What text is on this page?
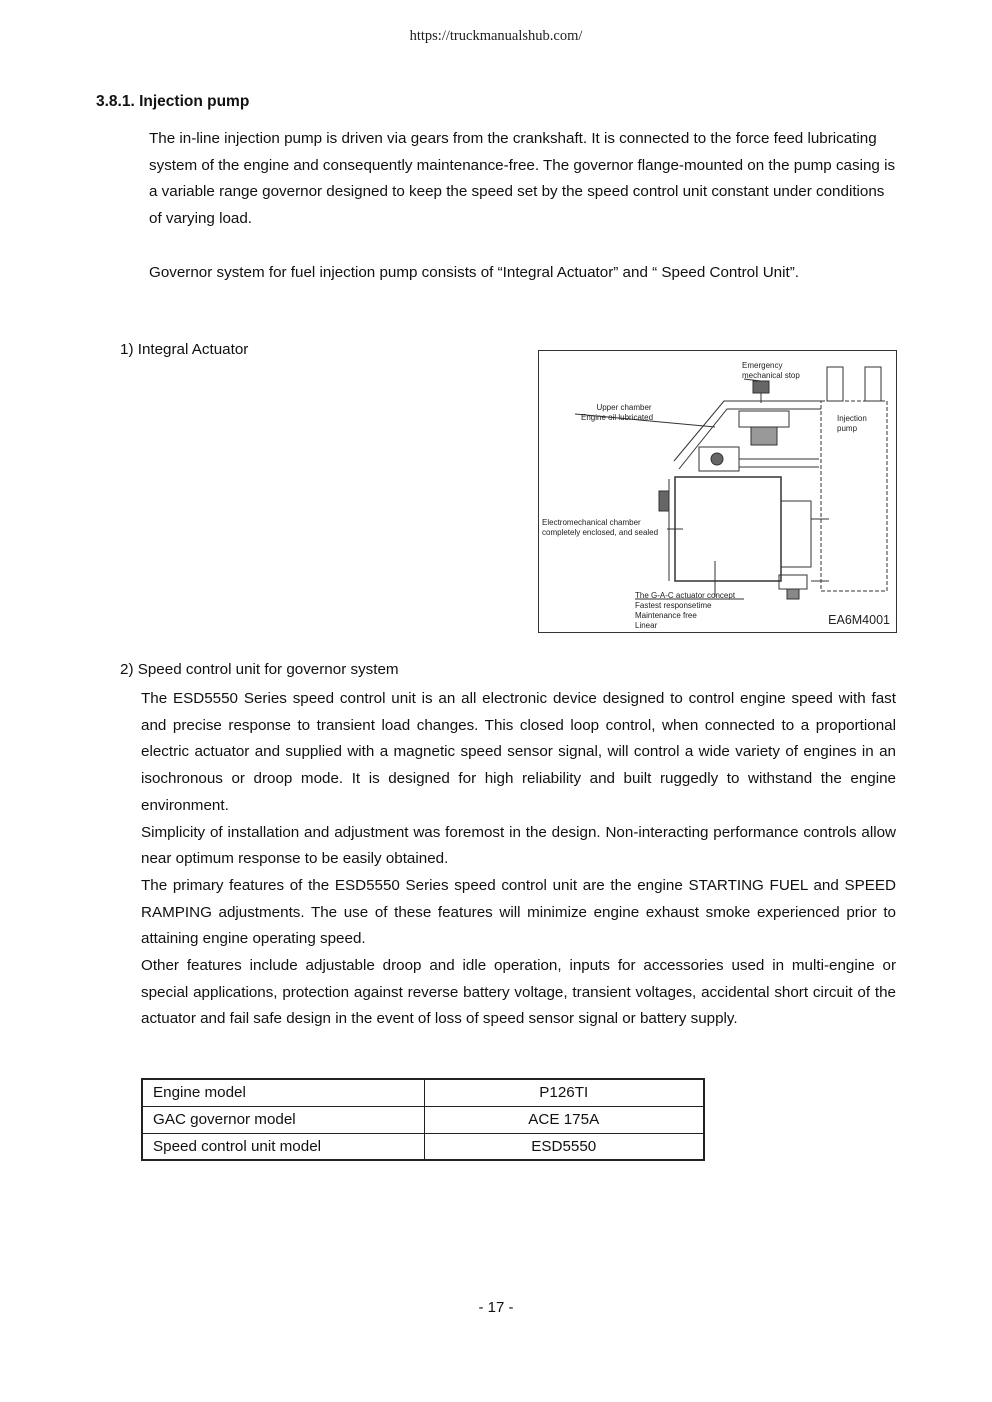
https://truckmanualshub.com/
3.8.1. Injection pump

The in-line injection pump is driven via gears from the crankshaft. It is connected to the force feed lubricating system of the engine and consequently maintenance-free. The governor flange-mounted on the pump casing is a variable range governor designed to keep the speed set by the speed control unit constant under conditions of varying load.

Governor system for fuel injection pump consists of “Integral Actuator” and “ Speed Control Unit”.

1) Integral Actuator
Emergency
mechanical stop
Upper chamber
Engine oil lubricated	Injection
pump
Electromechanical chamber
completely enclosed, and sealed
The G-A-C actuator concept
Fastest responsetime
Maintenance free
Linear	EA6M4001
2) Speed control unit for governor system

The ESD5550 Series speed control unit is an all electronic device designed to control engine speed with fast and precise response to transient load changes. This closed loop control, when connected to a proportional electric actuator and supplied with a magnetic speed sensor signal, will control a wide variety of engines in an isochronous or droop mode. It is designed for high reliability and built ruggedly to withstand the engine environment.

Simplicity of installation and adjustment was foremost in the design. Non-interacting performance controls allow near optimum response to be easily obtained.

The primary features of the ESD5550 Series speed control unit are the engine STARTING FUEL and SPEED RAMPING adjustments. The use of these features will minimize engine exhaust smoke experienced prior to attaining engine operating speed.

Other features include adjustable droop and idle operation, inputs for accessories used in multi-engine or special applications, protection against reverse battery voltage, transient voltages, accidental short circuit of the actuator and fail safe design in the event of loss of speed sensor signal or battery supply.

Engine model	P126TI
GAC governor model	ACE 175A
Speed control unit model	ESD5550
- 17 -
